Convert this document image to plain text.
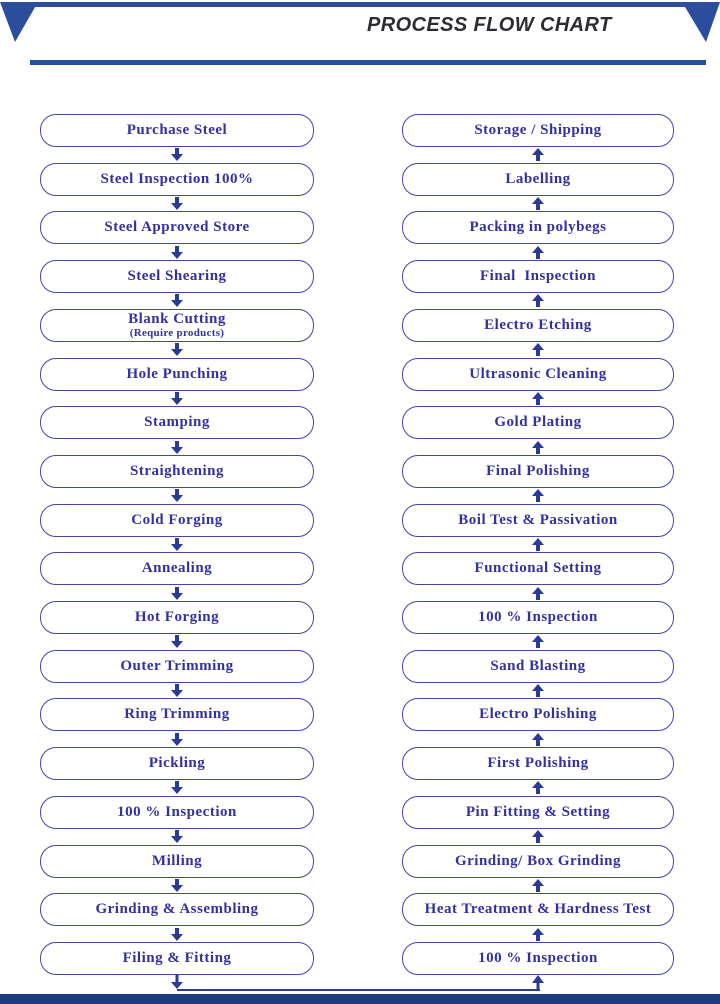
PROCESS FLOW CHART
Purchase Steel
Steel Inspection 100%
Steel Approved Store
Steel Shearing
Blank Cutting
(Require products)
Hole Punching
Stamping
Straightening
Cold Forging
Annealing
Hot Forging
Outer Trimming
Ring Trimming
Pickling
100 % Inspection
Milling
Grinding & Assembling
Filing & Fitting
Storage / Shipping
Labelling
Packing in polybegs
Final  Inspection
Electro Etching
Ultrasonic Cleaning
Gold Plating
Final Polishing
Boil Test & Passivation
Functional Setting
100 % Inspection
Sand Blasting
Electro Polishing
First Polishing
Pin Fitting & Setting
Grinding/ Box Grinding
Heat Treatment & Hardness Test
100 % Inspection
